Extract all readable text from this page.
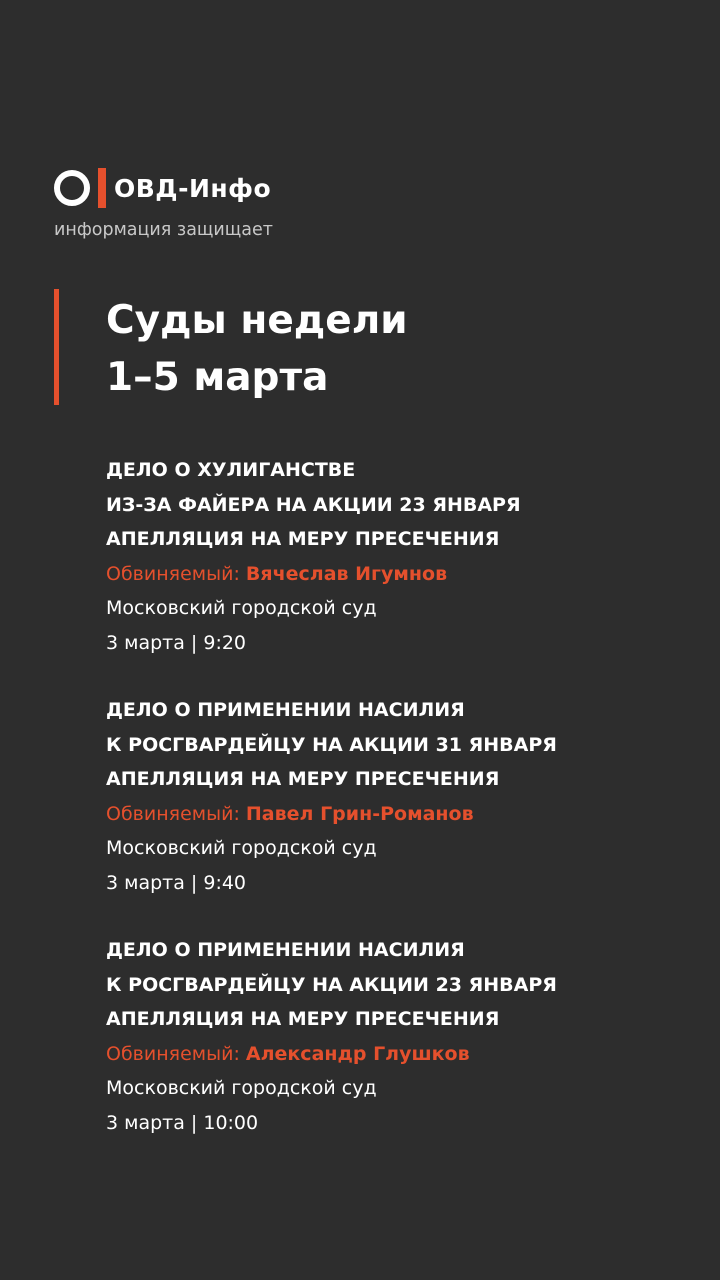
ОВД-Инфо
информация защищает
Суды недели
1–5 марта
ДЕЛО О ХУЛИГАНСТВЕ
ИЗ-ЗА ФАЙЕРА НА АКЦИИ 23 ЯНВАРЯ
АПЕЛЛЯЦИЯ НА МЕРУ ПРЕСЕЧЕНИЯ
Обвиняемый: Вячеслав Игумнов
Московский городской суд
3 марта | 9:20
ДЕЛО О ПРИМЕНЕНИИ НАСИЛИЯ
К РОСГВАРДЕЙЦУ НА АКЦИИ 31 ЯНВАРЯ
АПЕЛЛЯЦИЯ НА МЕРУ ПРЕСЕЧЕНИЯ
Обвиняемый: Павел Грин-Романов
Московский городской суд
3 марта | 9:40
ДЕЛО О ПРИМЕНЕНИИ НАСИЛИЯ
К РОСГВАРДЕЙЦУ НА АКЦИИ 23 ЯНВАРЯ
АПЕЛЛЯЦИЯ НА МЕРУ ПРЕСЕЧЕНИЯ
Обвиняемый: Александр Глушков
Московский городской суд
3 марта | 10:00
